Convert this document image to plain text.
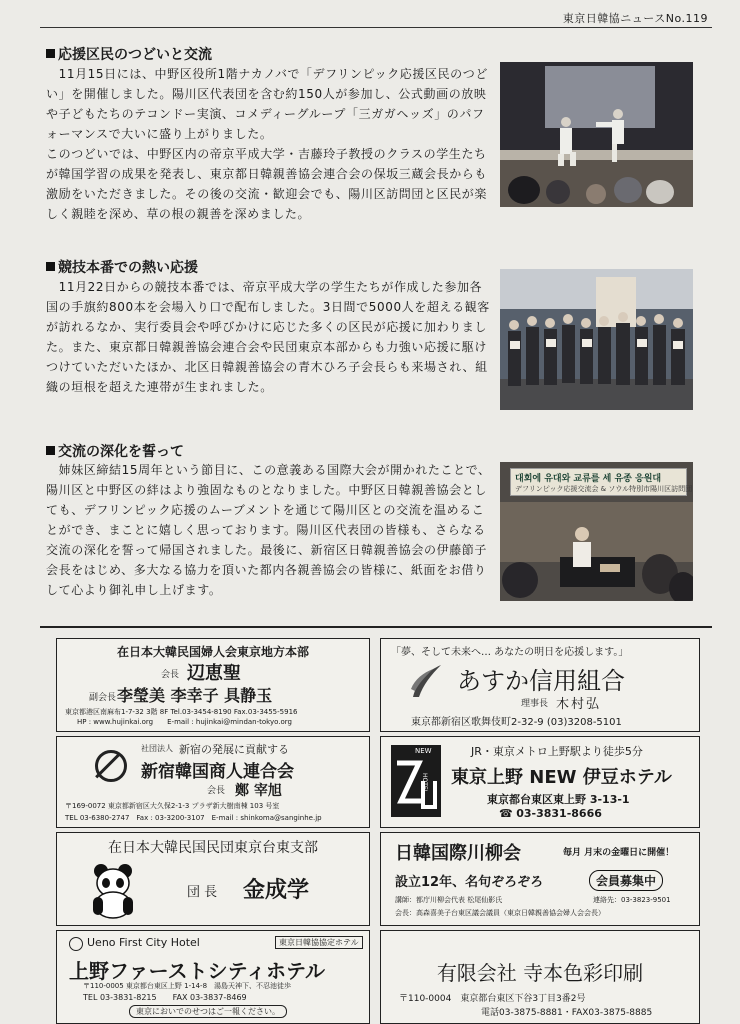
東京日韓協ニュースNo.119
応援区民のつどいと交流
　11月15日には、中野区役所1階ナカノバで「デフリンピック応援区民のつどい」を開催しました。陽川区代表団を含む約150人が参加し、公式動画の放映や子どもたちのテコンドー実演、コメディーグループ「三ガガヘッズ」のパフォーマンスで大いに盛り上がりました。
このつどいでは、中野区内の帝京平成大学・吉藤玲子教授のクラスの学生たちが韓国学習の成果を発表し、東京都日韓親善協会連合会の保坂三蔵会長からも激励をいただきました。その後の交流・歓迎会でも、陽川区訪問団と区民が楽しく親睦を深め、草の根の親善を深めました。
競技本番での熱い応援
　11月22日からの競技本番では、帝京平成大学の学生たちが作成した参加各国の手旗約800本を会場入り口で配布しました。3日間で5000人を超える観客が訪れるなか、実行委員会や呼びかけに応じた多くの区民が応援に加わりました。また、東京都日韓親善協会連合会や民団東京本部からも力強い応援に駆けつけていただいたほか、北区日韓親善協会の青木ひろ子会長らも来場され、組織の垣根を超えた連帯が生まれました。
交流の深化を誓って
　姉妹区締結15周年という節目に、この意義ある国際大会が開かれたことで、陽川区と中野区の絆はより強固なものとなりました。中野区日韓親善協会としても、デフリンピック応援のムーブメントを通じて陽川区との交流を温めることができ、まことに嬉しく思っております。陽川区代表団の皆様も、さらなる交流の深化を誓って帰国されました。最後に、新宿区日韓親善協会の伊藤節子会長をはじめ、多大なる協力を頂いた都内各親善協会の皆様に、紙面をお借りして心より御礼申し上げます。
대회에 유대와 교류를 세 유종 응원대
デフリンピック応援交流会 & ソウル特別市陽川区訪問団
在日本大韓民国婦人会東京地方本部
会長 辺恵聖
副会長 李瑩美 李幸子 具静玉
東京都港区南麻布1-7-32 3階 8F Tel.03-3454-8190 Fax.03-3455-5916
HP : www.hujinkai.org　　E-mail : hujinkai@mindan-tokyo.org
「夢、そして未来へ… あなたの明日を応援します。」
あすか信用組合
理事長 木村弘
東京都新宿区歌舞伎町2-32-9 (03)3208-5101
社団法人 新宿の発展に貢献する
新宿韓国商人連合会
会長 鄭 宰旭
〒169-0072 東京都新宿区大久保2-1-3 プラザ新大樹南棟 103 号室
TEL 03-6380-2747　Fax : 03-3200-3107　E-mail : shinkoma@sanginhe.jp
NEW
HOTEL
JR・東京メトロ上野駅より徒歩5分
東京上野 NEW 伊豆ホテル
東京都台東区東上野 3-13-1
☎ 03-3831-8666
在日本大韓民国民団東京台東支部
団 長 金成学
日韓国際川柳会	毎月 月末の金曜日に開催！
設立12年、名句ぞろぞろ	会員募集中
講師：都庁川柳会代表 松尾仙影氏	連絡先：03-3823-9501
会長：高森喜美子台東区議会議員（東京日韓親善協会婦人会会長）
Ueno First City Hotel	東京日韓協協定ホテル
上野ファーストシティホテル
〒110-0005 東京都台東区上野 1-14-8　湯島天神下、不忍池徒歩
TEL 03-3831-8215　　FAX 03-3837-8469
東京においでのせつはご一報ください。
有限会社 寺本色彩印刷
〒110-0004　東京都台東区下谷3丁目3番2号
電話03-3875-8881・FAX03-3875-8885
